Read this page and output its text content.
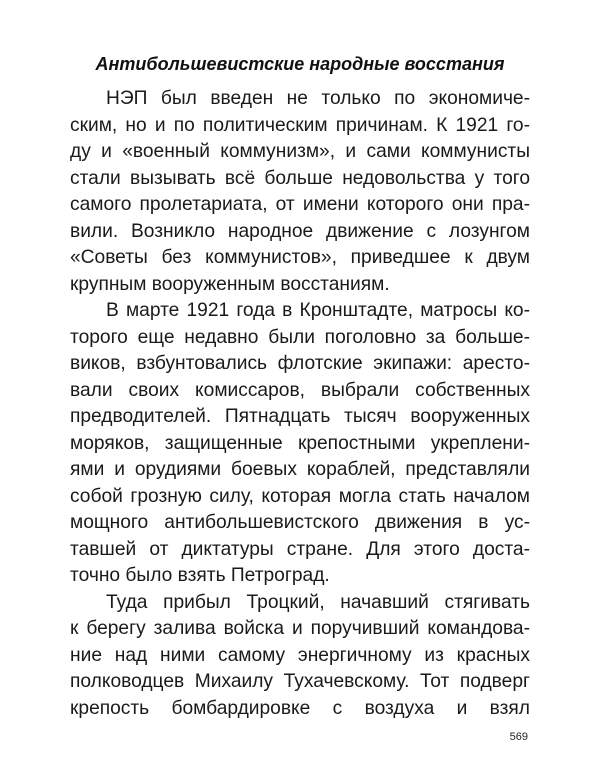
Антибольшевистские народные восстания
НЭП был введен не только по экономиче-
ским, но и по политическим причинам. К 1921 го-
ду и «военный коммунизм», и сами коммунисты
стали вызывать всё больше недовольства у того
самого пролетариата, от имени которого они пра-
вили. Возникло народное движение с лозунгом
«Советы без коммунистов», приведшее к двум
крупным вооруженным восстаниям.
В марте 1921 года в Кронштадте, матросы ко-
торого еще недавно были поголовно за больше-
виков, взбунтовались флотские экипажи: аресто-
вали своих комиссаров, выбрали собственных
предводителей. Пятнадцать тысяч вооруженных
моряков, защищенные крепостными укреплени-
ями и орудиями боевых кораблей, представляли
собой грозную силу, которая могла стать началом
мощного антибольшевистского движения в ус-
тавшей от диктатуры стране. Для этого доста-
точно было взять Петроград.
Туда прибыл Троцкий, начавший стягивать
к берегу залива войска и поручивший командова-
ние над ними самому энергичному из красных
полководцев Михаилу Тухачевскому. Тот подверг
крепость бомбардировке с воздуха и взял
569
